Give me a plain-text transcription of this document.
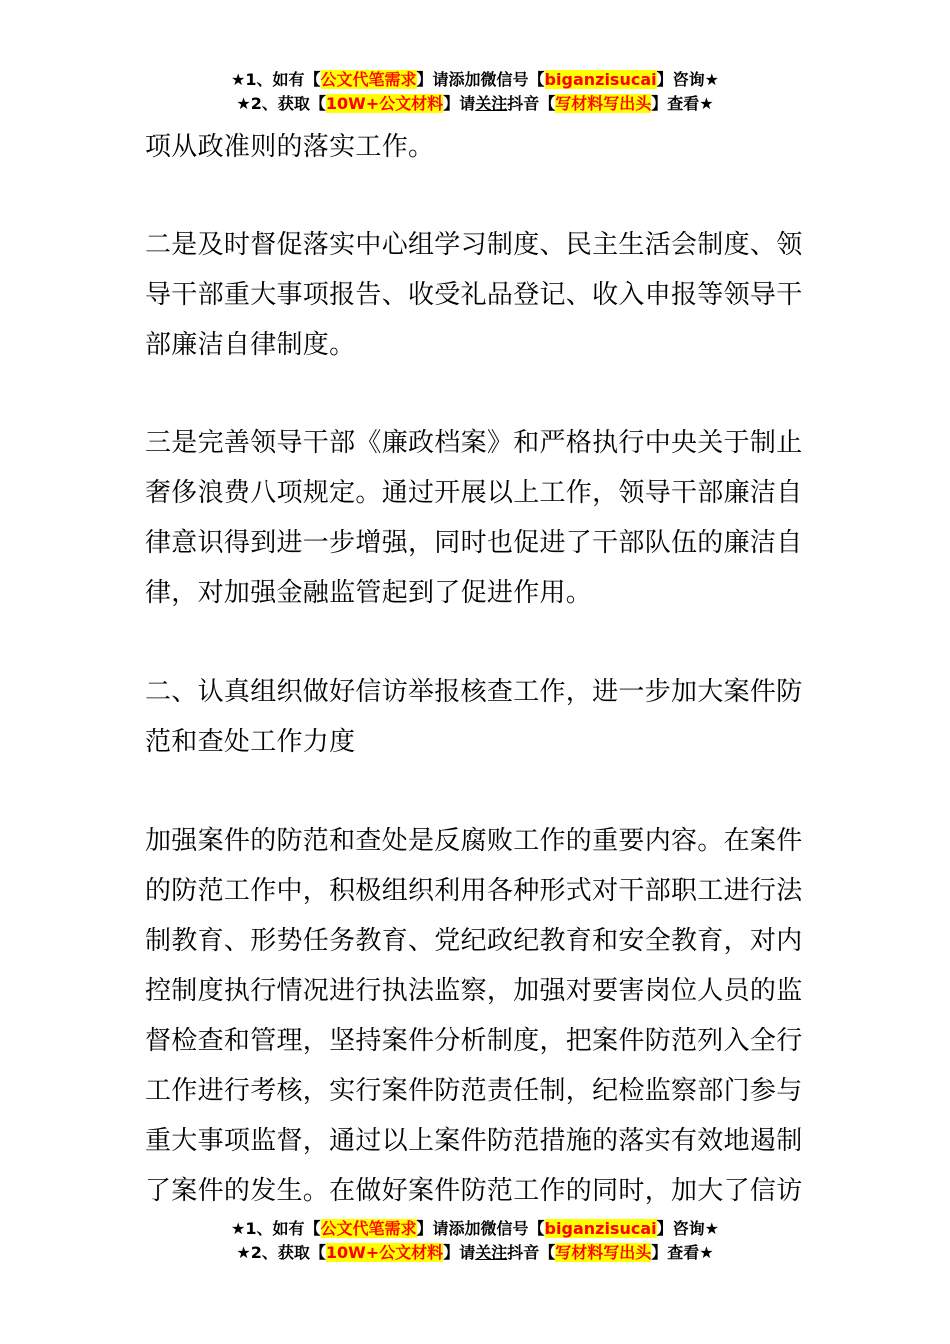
★1、如有【公文代笔需求】请添加微信号【biganzisucai】咨询★
★2、获取【10W+公文材料】请关注抖音【写材料写出头】查看★
项从政准则的落实工作。
二是及时督促落实中心组学习制度、民主生活会制度、领
导干部重大事项报告、收受礼品登记、收入申报等领导干
部廉洁自律制度。
三是完善领导干部《廉政档案》和严格执行中央关于制止
奢侈浪费八项规定。通过开展以上工作，领导干部廉洁自
律意识得到进一步增强，同时也促进了干部队伍的廉洁自
律，对加强金融监管起到了促进作用。
二、认真组织做好信访举报核查工作，进一步加大案件防
范和查处工作力度
加强案件的防范和查处是反腐败工作的重要内容。在案件
的防范工作中，积极组织利用各种形式对干部职工进行法
制教育、形势任务教育、党纪政纪教育和安全教育，对内
控制度执行情况进行执法监察，加强对要害岗位人员的监
督检查和管理，坚持案件分析制度，把案件防范列入全行
工作进行考核，实行案件防范责任制，纪检监察部门参与
重大事项监督，通过以上案件防范措施的落实有效地遏制
了案件的发生。在做好案件防范工作的同时，加大了信访
★1、如有【公文代笔需求】请添加微信号【biganzisucai】咨询★
★2、获取【10W+公文材料】请关注抖音【写材料写出头】查看★
